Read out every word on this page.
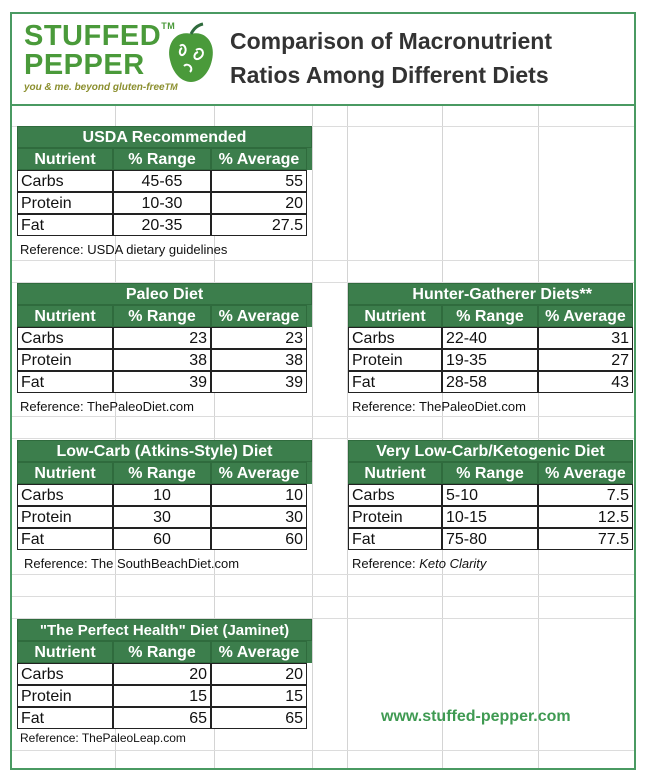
STUFFED™
PEPPER
you & me. beyond gluten-freeTM
Comparison of Macronutrient
Ratios Among Different Diets
USDA Recommended
Nutrient	% Range	% Average
Carbs	45-65	55
Protein	10-30	20
Fat	20-35	27.5
Reference: USDA dietary guidelines
Paleo Diet
Nutrient	% Range	% Average
Carbs	23	23
Protein	38	38
Fat	39	39
Reference: ThePaleoDiet.com
Hunter-Gatherer Diets**
Nutrient	% Range	% Average
Carbs	22-40	31
Protein	19-35	27
Fat	28-58	43
Reference: ThePaleoDiet.com
Low-Carb (Atkins-Style) Diet
Nutrient	% Range	% Average
Carbs	10	10
Protein	30	30
Fat	60	60
Reference: The SouthBeachDiet.com
Very Low-Carb/Ketogenic Diet
Nutrient	% Range	% Average
Carbs	5-10	7.5
Protein	10-15	12.5
Fat	75-80	77.5
Reference: Keto Clarity
"The Perfect Health" Diet (Jaminet)
Nutrient	% Range	% Average
Carbs	20	20
Protein	15	15
Fat	65	65
Reference: ThePaleoLeap.com
www.stuffed-pepper.com
